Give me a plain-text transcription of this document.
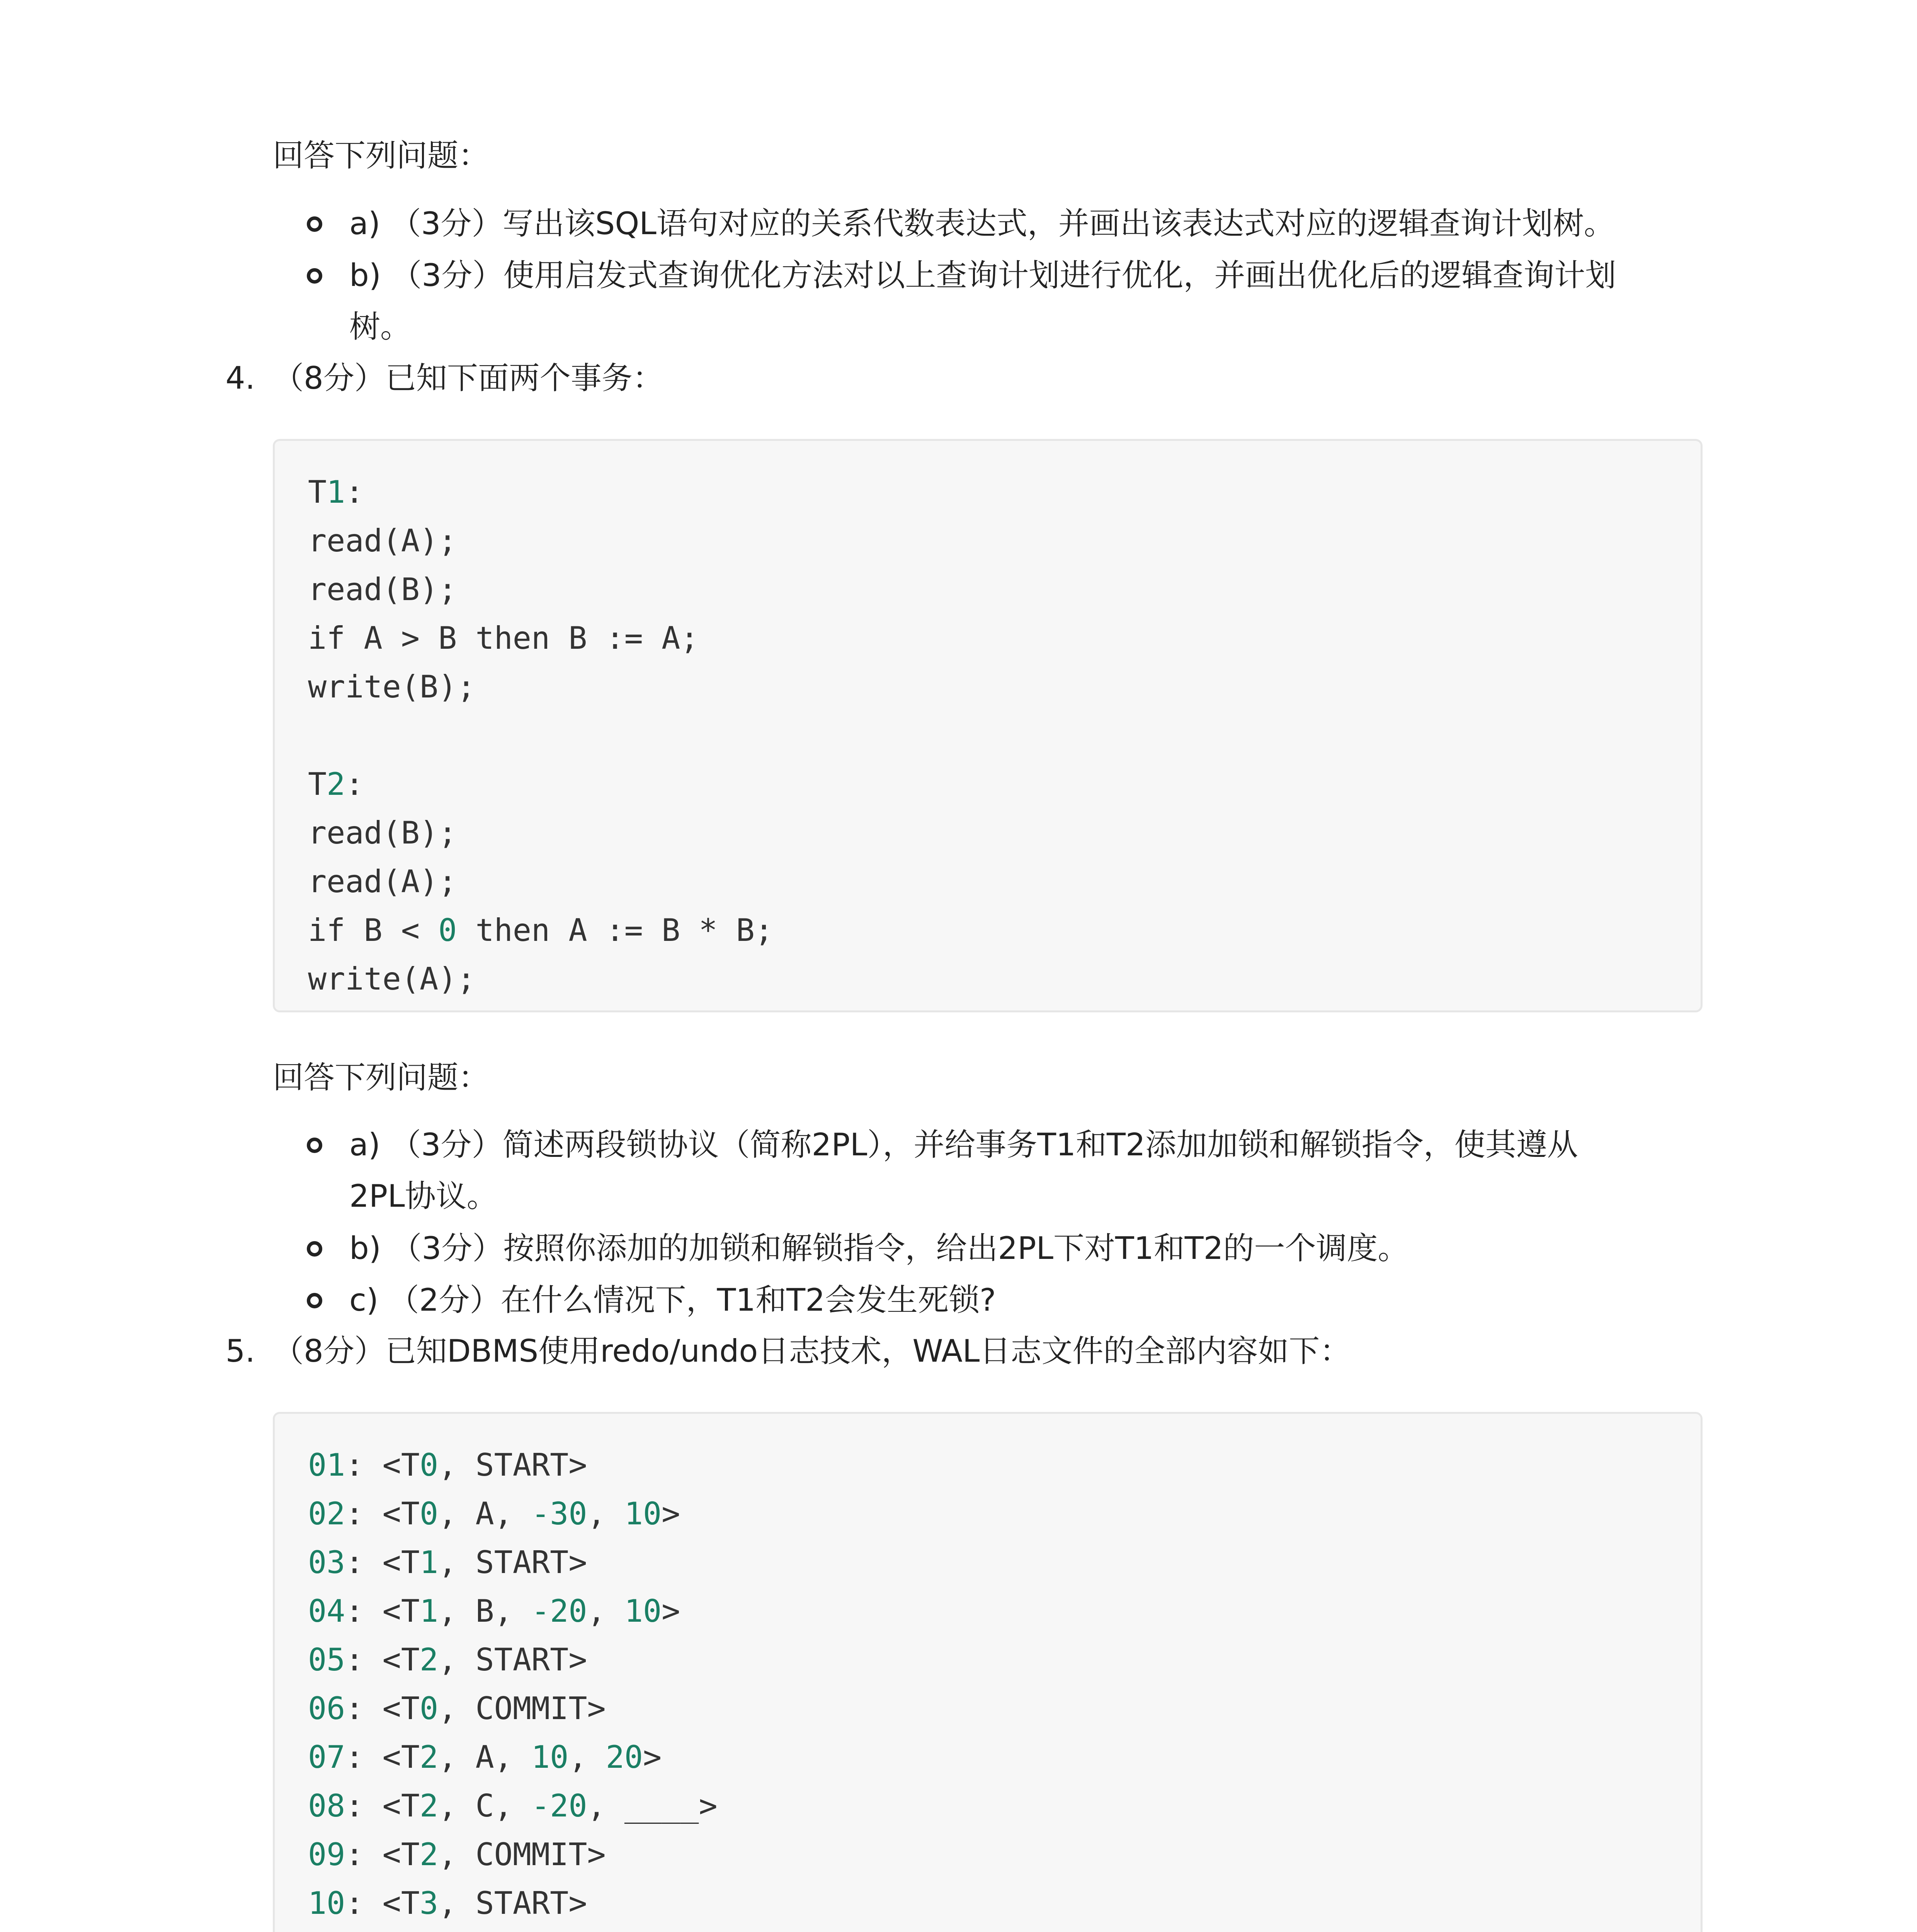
回答下列问题：
a) （3分）写出该SQL语句对应的关系代数表达式，并画出该表达式对应的逻辑查询计划树。
b) （3分）使用启发式查询优化方法对以上查询计划进行优化，并画出优化后的逻辑查询计划
树。
4. （8分）已知下面两个事务：
T1:
read(A);
read(B);
if A > B then B := A;
write(B);
T2:
read(B);
read(A);
if B < 0 then A := B * B;
write(A);
回答下列问题：
a) （3分）简述两段锁协议（简称2PL），并给事务T1和T2添加加锁和解锁指令，使其遵从
2PL协议。
b) （3分）按照你添加的加锁和解锁指令，给出2PL下对T1和T2的一个调度。
c) （2分）在什么情况下，T1和T2会发生死锁?
5. （8分）已知DBMS使用redo/undo日志技术，WAL日志文件的全部内容如下：
01: <T0, START>
02: <T0, A, -30, 10>
03: <T1, START>
04: <T1, B, -20, 10>
05: <T2, START>
06: <T0, COMMIT>
07: <T2, A, 10, 20>
08: <T2, C, -20, ____>
09: <T2, COMMIT>
10: <T3, START>
